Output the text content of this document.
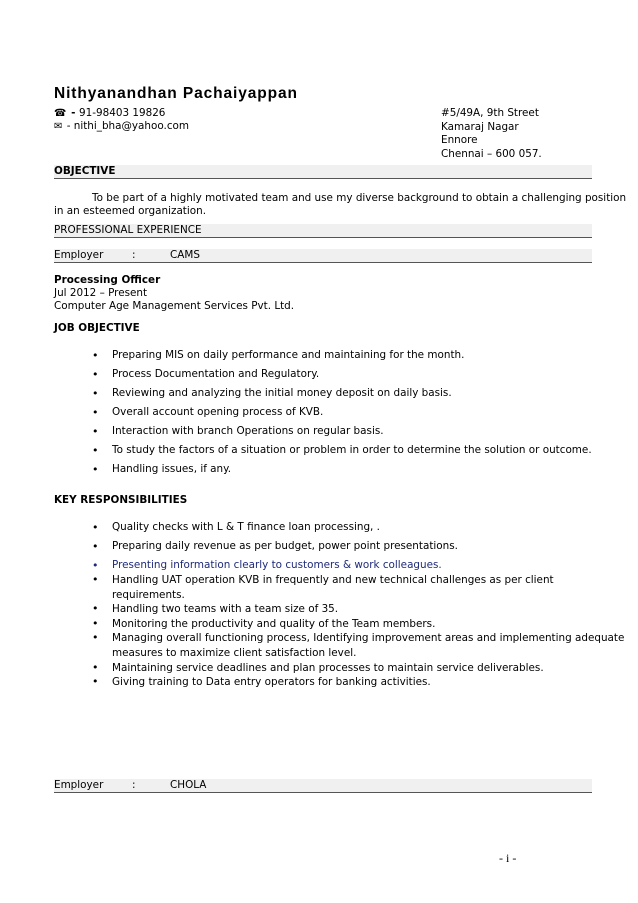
Nithyanandhan Pachaiyappan
☎ - 91-98403 19826
✉ - nithi_bha@yahoo.com
#5/49A, 9th Street
Kamaraj Nagar
Ennore
Chennai – 600 057.
OBJECTIVE
To be part of a highly motivated team and use my diverse background to obtain a challenging position
in an esteemed organization.
PROFESSIONAL EXPERIENCE
Employer	:	CAMS
Processing Officer
Jul 2012 – Present
Computer Age Management Services Pvt. Ltd.
JOB OBJECTIVE
• Preparing MIS on daily performance and maintaining for the month.
• Process Documentation and Regulatory.
• Reviewing and analyzing the initial money deposit on daily basis.
• Overall account opening process of KVB.
• Interaction with branch Operations on regular basis.
• To study the factors of a situation or problem in order to determine the solution or outcome.
• Handling issues, if any.
KEY RESPONSIBILITIES
• Quality checks with L & T finance loan processing, .
• Preparing daily revenue as per budget, power point presentations.
• Presenting information clearly to customers & work colleagues.
• Handling UAT operation KVB in frequently and new technical challenges as per client
requirements.
• Handling two teams with a team size of 35.
• Monitoring the productivity and quality of the Team members.
• Managing overall functioning process, Identifying improvement areas and implementing adequate
measures to maximize client satisfaction level.
• Maintaining service deadlines and plan processes to maintain service deliverables.
• Giving training to Data entry operators for banking activities.
Employer	:	CHOLA
- i -
